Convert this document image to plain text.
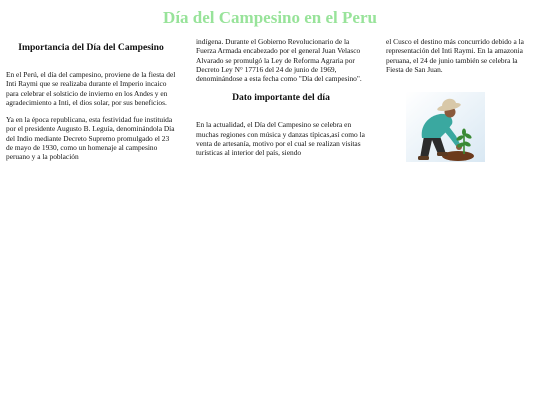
Día del Campesino en el Peru
Importancia del Día del Campesino

En el Perú, el día del campesino, proviene de la fiesta del Inti Raymi que se realizaba durante el Imperio incaico para celebrar el solsticio de invierno en los Andes y en agradecimiento a Inti, el dios solar, por sus beneficios.

Ya en la época republicana, esta festividad fue instituida por el presidente Augusto B. Leguía, denominándola Día del Indio mediante Decreto Supremo promulgado el 23 de mayo de 1930, como un homenaje al campesino peruano y a la población

indígena. Durante el Gobierno Revolucionario de la Fuerza Armada encabezado por el general Juan Velasco Alvarado se promulgó la Ley de Reforma Agraria por Decreto Ley N° 17716 del 24 de junio de 1969, denominándose a esta fecha como "Día del campesino".

Dato importante del día

En la actualidad, el Día del Campesino se celebra en muchas regiones con música y danzas típicas,así como la venta de artesanía, motivo por el cual se realizan visitas turísticas al interior del país, siendo

el Cusco el destino más concurrido debido a la representación del Inti Raymi. En la amazonia peruana, el 24 de junio también se celebra la Fiesta de San Juan.
